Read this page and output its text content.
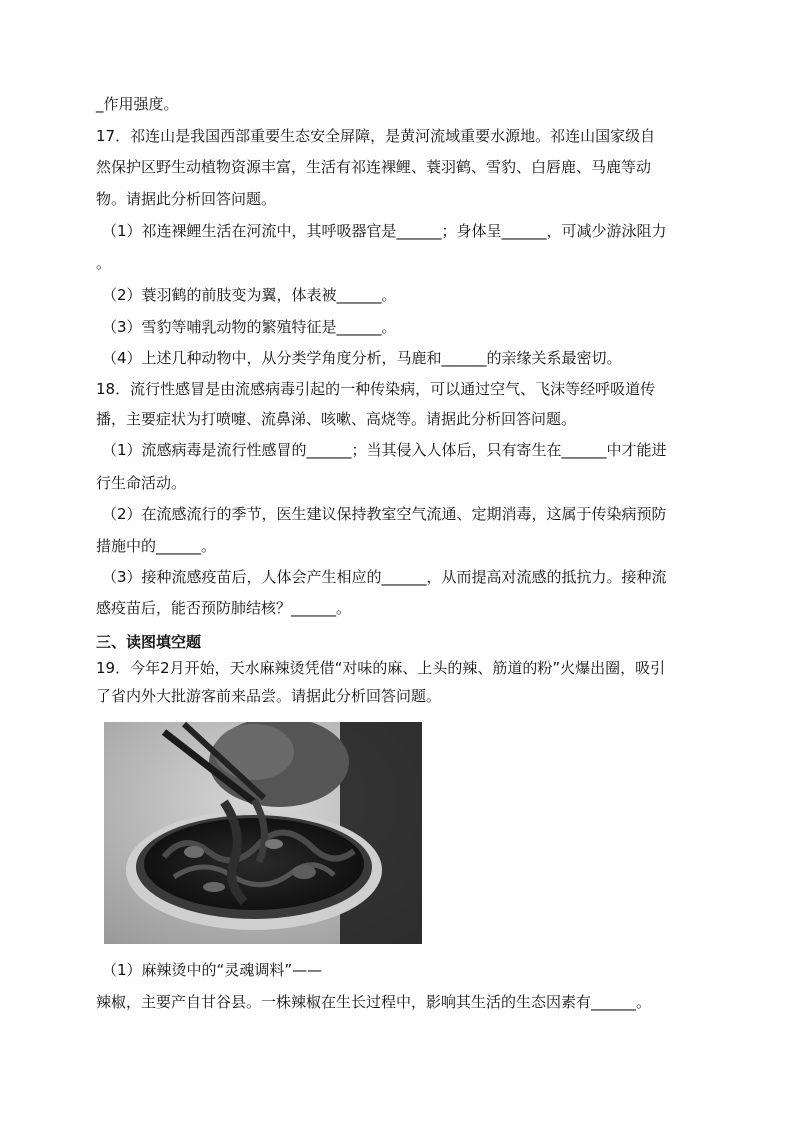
_作用强度。
17．祁连山是我国西部重要生态安全屏障，是黄河流域重要水源地。祁连山国家级自
然保护区野生动植物资源丰富，生活有祁连裸鲤、蓑羽鹤、雪豹、白唇鹿、马鹿等动
物。请据此分析回答问题。
（1）祁连裸鲤生活在河流中，其呼吸器官是______；身体呈______，可减少游泳阻力
。
（2）蓑羽鹤的前肢变为翼，体表被______。
（3）雪豹等哺乳动物的繁殖特征是______。
（4）上述几种动物中，从分类学角度分析，马鹿和______的亲缘关系最密切。
18．流行性感冒是由流感病毒引起的一种传染病，可以通过空气、飞沫等经呼吸道传
播，主要症状为打喷嚏、流鼻涕、咳嗽、高烧等。请据此分析回答问题。
（1）流感病毒是流行性感冒的______；当其侵入人体后，只有寄生在______中才能进
行生命活动。
（2）在流感流行的季节，医生建议保持教室空气流通、定期消毒，这属于传染病预防
措施中的______。
（3）接种流感疫苗后，人体会产生相应的______，从而提高对流感的抵抗力。接种流
感疫苗后，能否预防肺结核？______。
三、读图填空题
19．今年2月开始，天水麻辣烫凭借“对味的麻、上头的辣、筋道的粉”火爆出圈，吸引
了省内外大批游客前来品尝。请据此分析回答问题。
（1）麻辣烫中的“灵魂调料”——
辣椒，主要产自甘谷县。一株辣椒在生长过程中，影响其生活的生态因素有______。
